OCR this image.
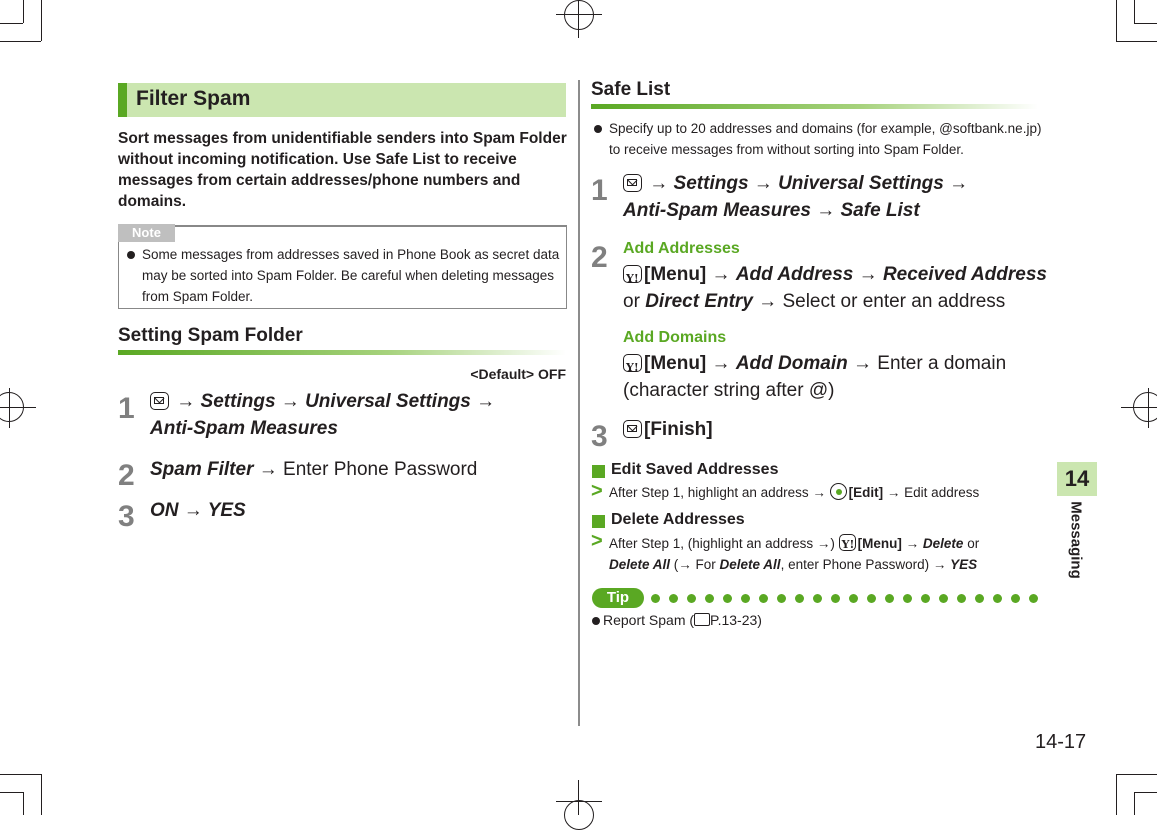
Filter Spam
Sort messages from unidentifiable senders into Spam Folder
without incoming notification. Use Safe List to receive
messages from certain addresses/phone numbers and
domains.
Note
Some messages from addresses saved in Phone Book as secret data
may be sorted into Spam Folder. Be careful when deleting messages
from Spam Folder.
Setting Spam Folder
<Default> OFF
1	→ Settings → Universal Settings →
Anti-Spam Measures
2 Spam Filter → Enter Phone Password
3 ON → YES
Safe List
Specify up to 20 addresses and domains (for example, @softbank.ne.jp)
to receive messages from without sorting into Spam Folder.
1	→ Settings → Universal Settings →
Anti-Spam Measures → Safe List
2 Add Addresses
Y![Menu] → Add Address → Received Address
or Direct Entry → Select or enter an address
Add Domains
Y![Menu] → Add Domain → Enter a domain
(character string after @)
3	[Finish]
Edit Saved Addresses
> After Step 1, highlight an address → [Edit] → Edit address
Delete Addresses
> After Step 1, (highlight an address →) Y! [Menu] → Delete or
Delete All (→ For Delete All, enter Phone Password) → YES
Tip
Report Spam ( P.13-23)
14
Messaging
14-17
